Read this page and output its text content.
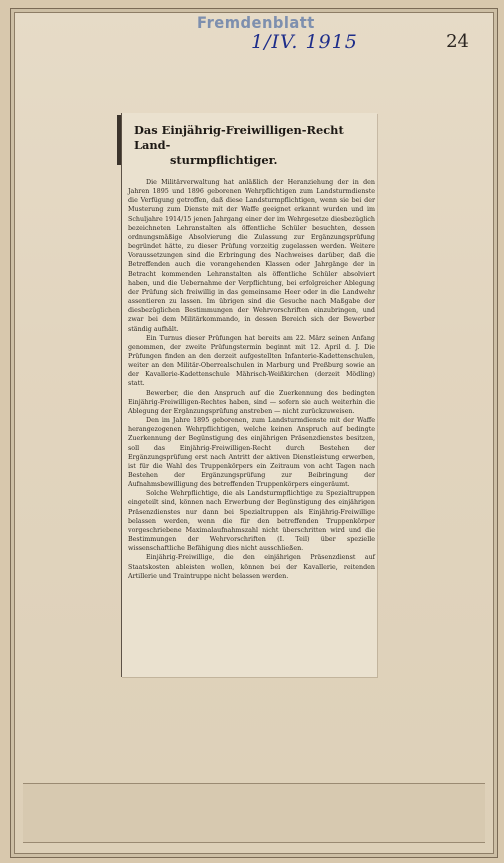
Fremdenblatt
1/IV. 1915	24
Das Einjährig-Freiwilligen-Recht Land-
sturmpflichtiger.

Die Militärverwaltung hat anläßlich der Heranziehung der in den Jahren 1895 und 1896 geborenen Wehrpflichtigen zum Landsturmdienste die Verfügung getroffen, daß diese Landsturmpflichtigen, wenn sie bei der Musterung zum Dienste mit der Waffe geeignet erkannt wurden und im Schuljahre 1914/15 jenen Jahrgang einer der im Wehrgesetze diesbezüglich bezeichneten Lehranstalten als öffentliche Schüler besuchten, dessen ordnungsmäßige Absolvierung die Zulassung zur Ergänzungsprüfung begründet hätte, zu dieser Prüfung vorzeitig zugelassen werden. Weitere Voraussetzungen sind die Erbringung des Nachweises darüber, daß die Betreffenden auch die vorangehenden Klassen oder Jahrgänge der in Betracht kommenden Lehranstalten als öffentliche Schüler absolviert haben, und die Uebernahme der Verpflichtung, bei erfolgreicher Ablegung der Prüfung sich freiwillig in das gemeinsame Heer oder in die Landwehr assentieren zu lassen. Im übrigen sind die Gesuche nach Maßgabe der diesbezüglichen Bestimmungen der Wehrvorschriften einzubringen, und zwar bei dem Militärkommando, in dessen Bereich sich der Bewerber ständig aufhält.

Ein Turnus dieser Prüfungen hat bereits am 22. März seinen Anfang genommen, der zweite Prüfungstermin beginnt mit 12. April d. J. Die Prüfungen finden an den derzeit aufgestellten Infanterie-Kadettenschulen, weiter an den Militär-Oberrealschulen in Marburg und Preßburg sowie an der Kavallerie-Kadettenschule Mährisch-Weißkirchen (derzeit Mödling) statt.

Bewerber, die den Anspruch auf die Zuerkennung des bedingten Einjährig-Freiwilligen-Rechtes haben, sind — sofern sie auch weiterhin die Ablegung der Ergänzungsprüfung anstreben — nicht zurückzuweisen.

Den im Jahre 1895 geborenen, zum Landsturmdienste mit der Waffe herangezogenen Wehrpflichtigen, welche keinen Anspruch auf bedingte Zuerkennung der Begünstigung des einjährigen Präsenzdienstes besitzen, soll das Einjährig-Freiwilligen-Recht durch Bestehen der Ergänzungsprüfung erst nach Antritt der aktiven Dienstleistung erwerben, ist für die Wahl des Truppenkörpers ein Zeitraum von acht Tagen nach Bestehen der Ergänzungsprüfung zur Beibringung der Aufnahmsbewilligung des betreffenden Truppenkörpers eingeräumt.

Solche Wehrpflichtige, die als Landsturmpflichtige zu Spezialtruppen eingeteilt sind, können nach Erwerbung der Begünstigung des einjährigen Präsenzdienstes nur dann bei Spezialtruppen als Einjährig-Freiwillige belassen werden, wenn die für den betreffenden Truppenkörper vorgeschriebene Maximalaufnahmszahl nicht überschritten wird und die Bestimmungen der Wehrvorschriften (I. Teil) über spezielle wissenschaftliche Befähigung dies nicht ausschließen.

Einjährig-Freiwillige, die den einjährigen Präsenzdienst auf Staatskosten ableisten wollen, können bei der Kavallerie, reitenden Artillerie und Traintruppe nicht belassen werden.
